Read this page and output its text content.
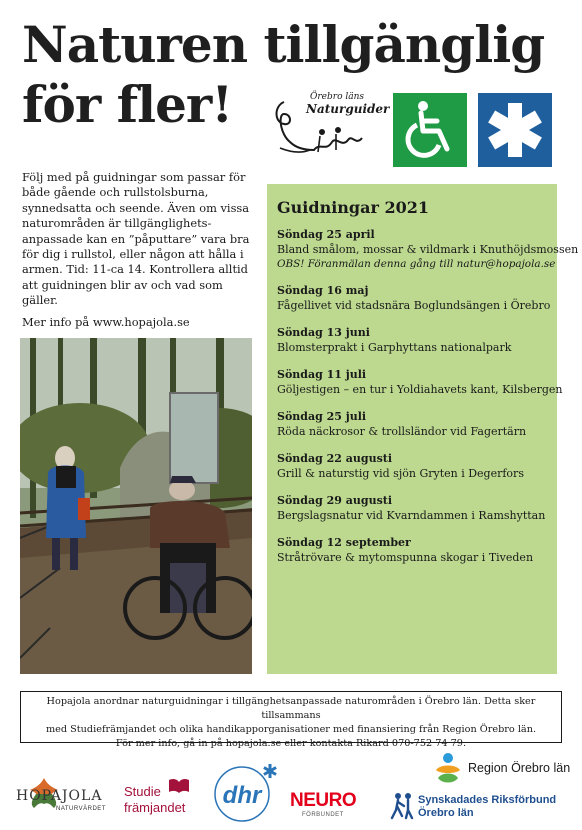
Naturen tillgänglig
för fler!	Örebro läns
Naturguider

Följ med på guidningar som passar för både gående och rullstolsburna, synnedsatta och seende. Även om vissa naturområden är tillgänglighets-anpassade kan en ”påputtare” vara bra för dig i rullstol, eller någon att hålla i armen. Tid: 11-ca 14. Kontrollera alltid att guidningen blir av och vad som gäller.

Mer info på www.hopajola.se

Guidningar 2021
Söndag 25 april
Bland smålom, mossar & vildmark i Knuthöjdsmossen
OBS! Föranmälan denna gång till natur@hopajola.se
Söndag 16 maj
Fågellivet vid stadsnära Boglundsängen i Örebro
Söndag 13 juni
Blomsterprakt i Garphyttans nationalpark
Söndag 11 juli
Göljestigen – en tur i Yoldiahavets kant, Kilsbergen
Söndag 25 juli
Röda näckrosor & trollsländor vid Fagertärn
Söndag 22 augusti
Grill & naturstig vid sjön Gryten i Degerfors
Söndag 29 augusti
Bergslagsnatur vid Kvarndammen i Ramshyttan
Söndag 12 september
Stråtrövare & mytomspunna skogar i Tiveden
Hopajola anordnar naturguidningar i tillgänghetsanpassade naturområden i Örebro län. Detta sker tillsammans
med Studiefrämjandet och olika handikapporganisationer med finansiering från Region Örebro län.
För mer info, gå in på hopajola.se eller kontakta Rikard 070-752 74 79.
HOPAJOLA
NATURVÄRDET
Studie
främjandet dhr NEURO
FÖRBUNDET
Region Örebro län
Synskadades Riksförbund
Örebro län
